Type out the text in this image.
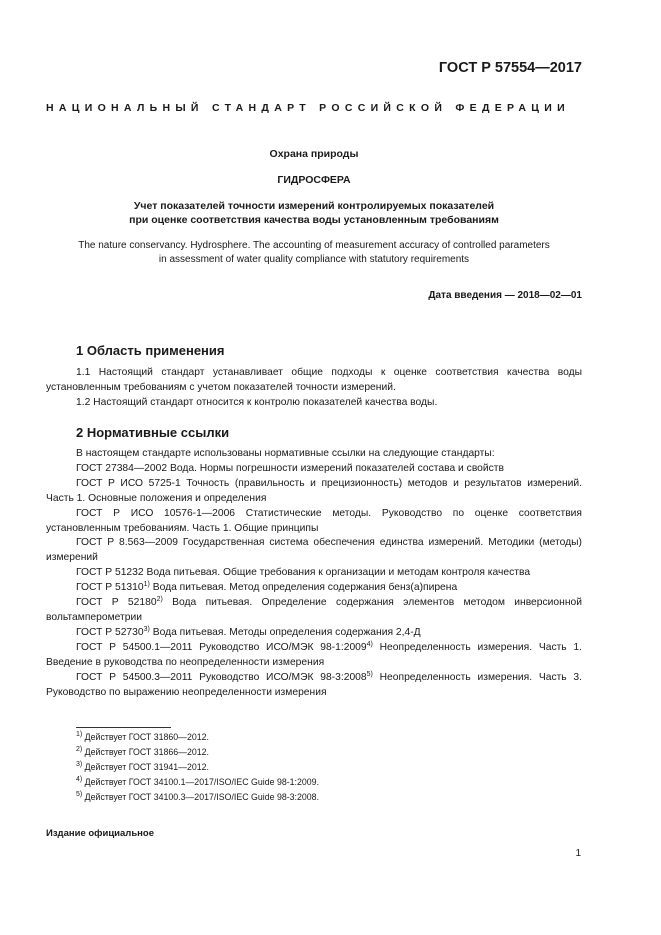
ГОСТ Р 57554—2017
НАЦИОНАЛЬНЫЙ СТАНДАРТ РОССИЙСКОЙ ФЕДЕРАЦИИ
Охрана природы
ГИДРОСФЕРА
Учет показателей точности измерений контролируемых показателей
при оценке соответствия качества воды установленным требованиям
The nature conservancy. Hydrosphere. The accounting of measurement accuracy of controlled parameters
in assessment of water quality compliance with statutory requirements
Дата введения — 2018—02—01
1 Область применения

1.1 Настоящий стандарт устанавливает общие подходы к оценке соответствия качества воды установленным требованиям с учетом показателей точности измерений.

1.2 Настоящий стандарт относится к контролю показателей качества воды.

2 Нормативные ссылки

В настоящем стандарте использованы нормативные ссылки на следующие стандарты:

ГОСТ 27384—2002 Вода. Нормы погрешности измерений показателей состава и свойств

ГОСТ Р ИСО 5725-1 Точность (правильность и прецизионность) методов и результатов измерений. Часть 1. Основные положения и определения

ГОСТ Р ИСО 10576-1—2006 Статистические методы. Руководство по оценке соответствия установленным требованиям. Часть 1. Общие принципы

ГОСТ Р 8.563—2009 Государственная система обеспечения единства измерений. Методики (методы) измерений

ГОСТ Р 51232 Вода питьевая. Общие требования к организации и методам контроля качества

ГОСТ Р 51310$^{1)}$ Вода питьевая. Метод определения содержания бенз(а)пирена

ГОСТ Р 52180$^{2)}$ Вода питьевая. Определение содержания элементов методом инверсионной вольтамперометрии

ГОСТ Р 52730$^{3)}$ Вода питьевая. Методы определения содержания 2,4-Д

ГОСТ Р 54500.1—2011 Руководство ИСО/МЭК 98-1:2009$^{4)}$ Неопределенность измерения. Часть 1. Введение в руководства по неопределенности измерения

ГОСТ Р 54500.3—2011 Руководство ИСО/МЭК 98-3:2008$^{5)}$ Неопределенность измерения. Часть 3. Руководство по выражению неопределенности измерения

$^{1)}$ Действует ГОСТ 31860—2012.
$^{2)}$ Действует ГОСТ 31866—2012.
$^{3)}$ Действует ГОСТ 31941—2012.
$^{4)}$ Действует ГОСТ 34100.1—2017/ISO/IEC Guide 98-1:2009.
$^{5)}$ Действует ГОСТ 34100.3—2017/ISO/IEC Guide 98-3:2008.
Издание официальное
1
